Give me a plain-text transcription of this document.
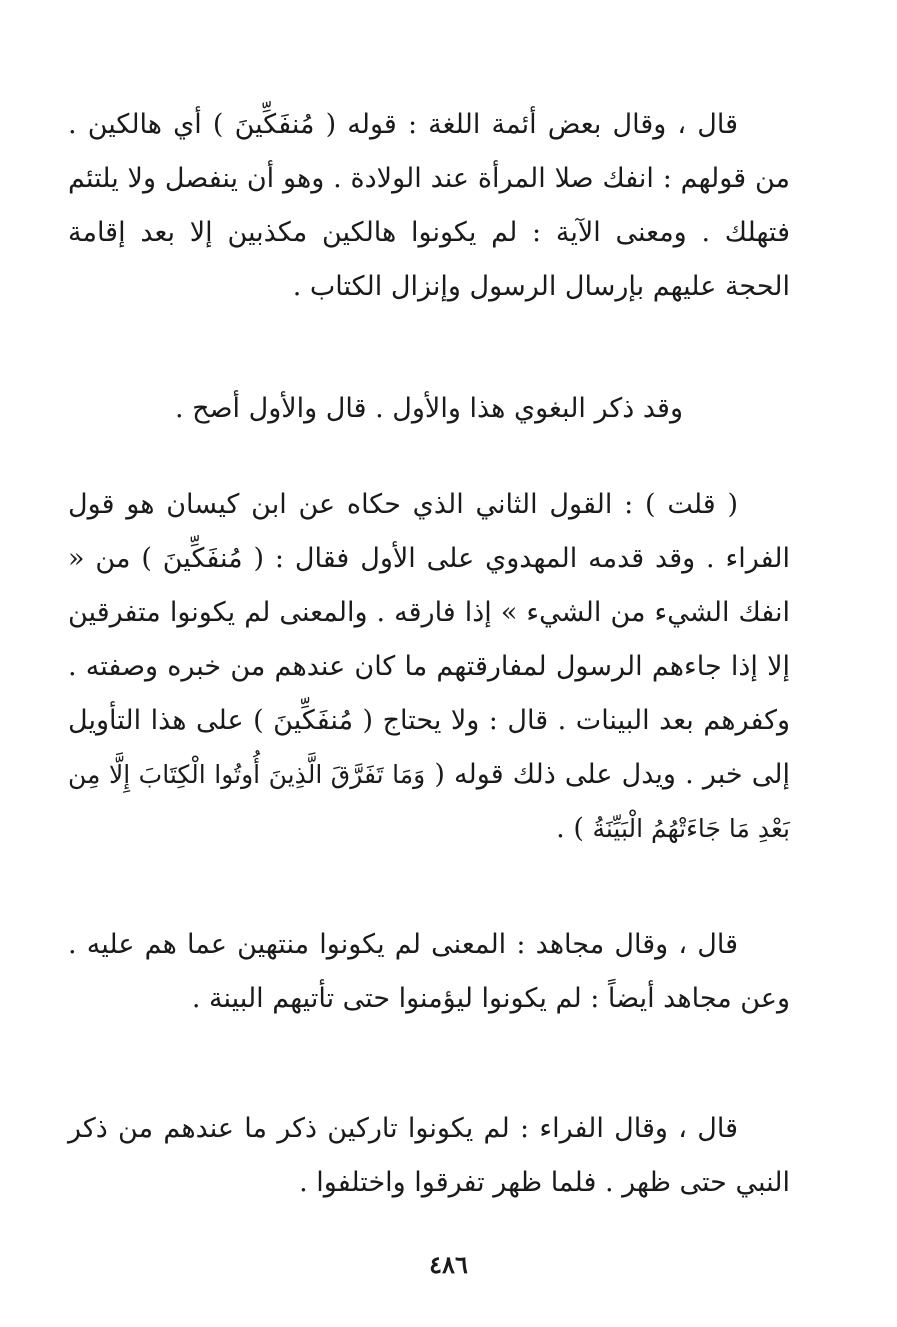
قال ، وقال بعض أئمة اللغة : قوله ( مُنفَكِّينَ ) أي هالكين . من قولهم : انفك صلا المرأة عند الولادة . وهو أن ينفصل ولا يلتئم فتهلك . ومعنى الآية : لم يكونوا هالكين مكذبين إلا بعد إقامة الحجة عليهم بإرسال الرسول وإنزال الكتاب .

وقد ذكر البغوي هذا والأول . قال والأول أصح .

( قلت ) : القول الثاني الذي حكاه عن ابن كيسان هو قول الفراء . وقد قدمه المهدوي على الأول فقال : ( مُنفَكِّينَ ) من « انفك الشيء من الشيء » إذا فارقه . والمعنى لم يكونوا متفرقين إلا إذا جاءهم الرسول لمفارقتهم ما كان عندهم من خبره وصفته . وكفرهم بعد البينات . قال : ولا يحتاج ( مُنفَكِّينَ ) على هذا التأويل إلى خبر . ويدل على ذلك قوله ( وَمَا تَفَرَّقَ الَّذِينَ أُوتُوا الْكِتَابَ إِلَّا مِن بَعْدِ مَا جَاءَتْهُمُ الْبَيِّنَةُ ) .

قال ، وقال مجاهد : المعنى لم يكونوا منتهين عما هم عليه . وعن مجاهد أيضاً : لم يكونوا ليؤمنوا حتى تأتيهم البينة .

قال ، وقال الفراء : لم يكونوا تاركين ذكر ما عندهم من ذكر النبي حتى ظهر . فلما ظهر تفرقوا واختلفوا .

٤٨٦
